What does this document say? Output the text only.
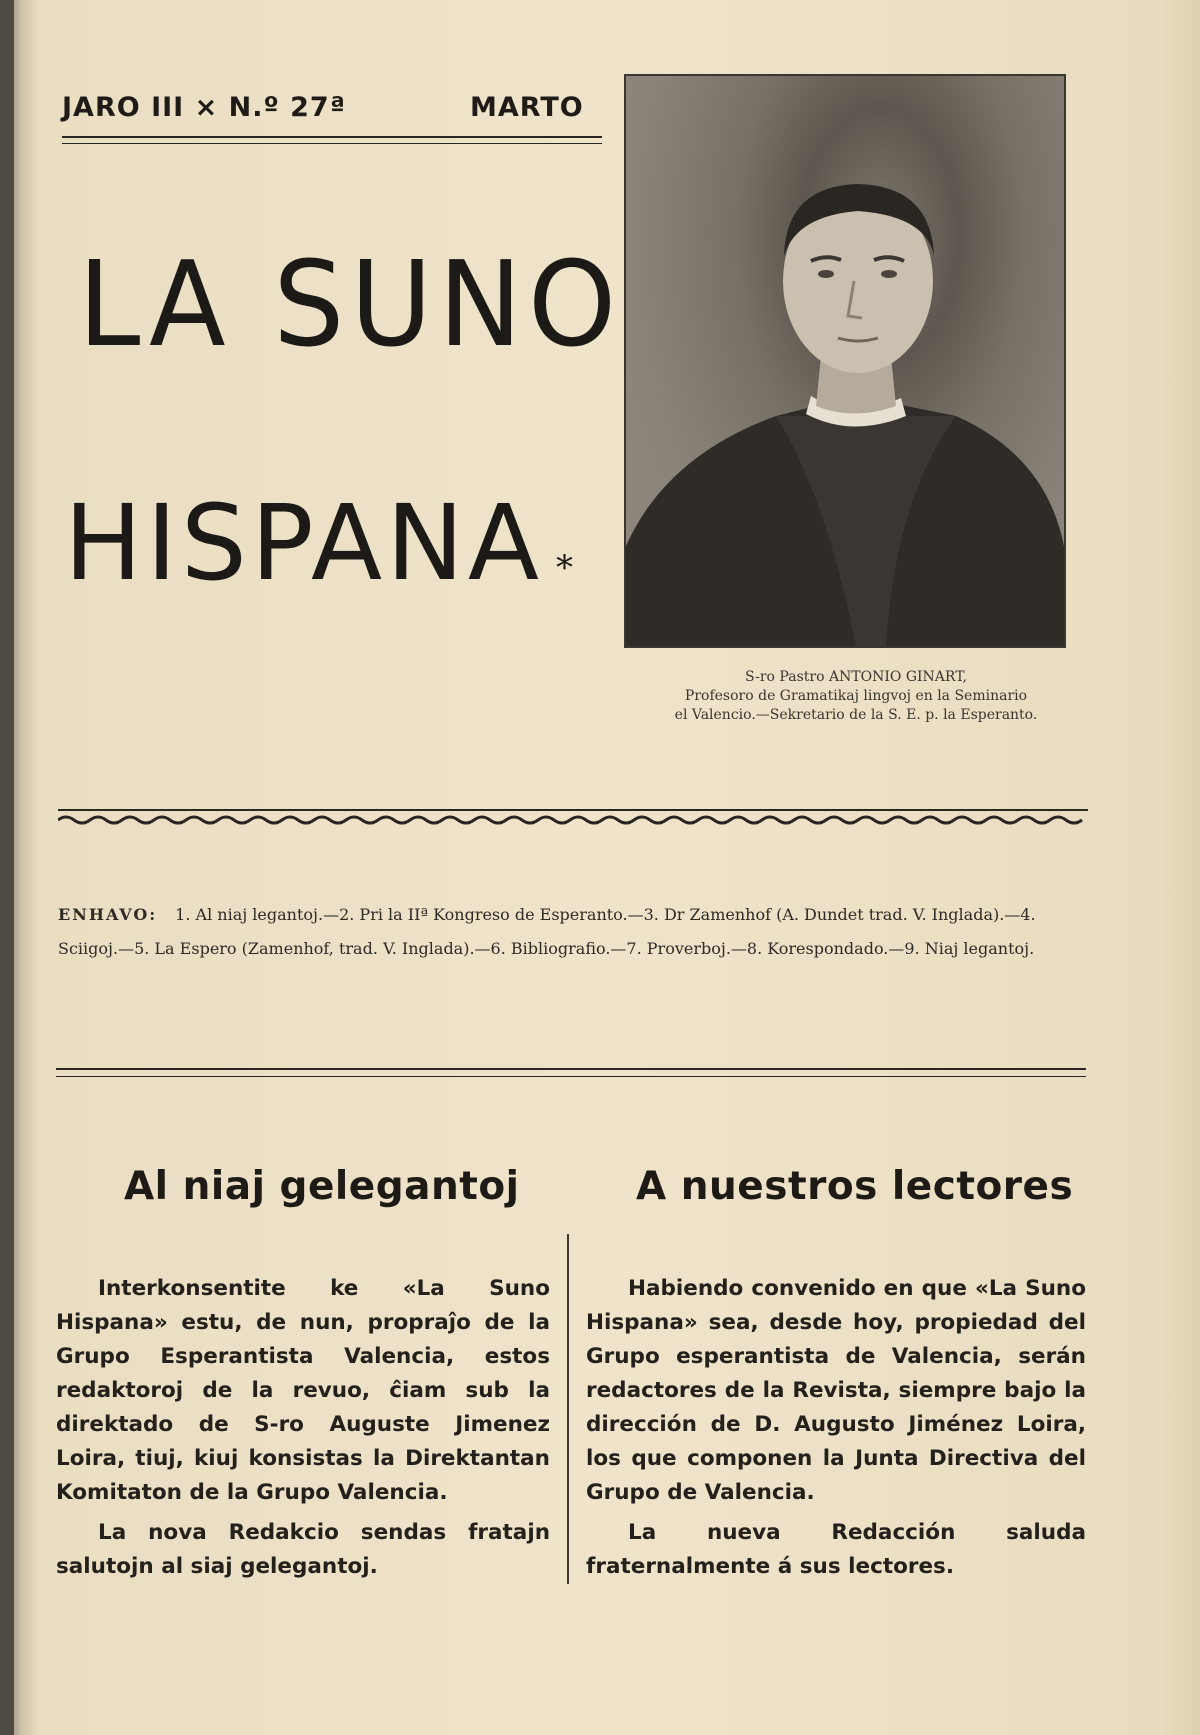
JARO III × N.º 27ª	MARTO
LA SUNO
HISPANA *
S-ro Pastro ANTONIO GINART,
Profesoro de Gramatikaj lingvoj en la Seminario
el Valencio.—Sekretario de la S. E. p. la Esperanto.
ENHAVO: 1. Al niaj legantoj.—2. Pri la IIª Kongreso de Esperanto.—3. Dr Zamenhof (A. Dundet trad. V. Inglada).—4. Sciigoj.—5. La Espero (Zamenhof, trad. V. Inglada).—6. Bibliografio.—7. Proverboj.—8. Korespondado.—9. Niaj legantoj.
Al niaj gelegantoj	A nuestros lectores

Interkonsentite ke «La Suno Hispana» estu, de nun, propraĵo de la Grupo Esperantista Valencia, estos redaktoroj de la revuo, ĉiam sub la direktado de S-ro Auguste Jimenez Loira, tiuj, kiuj konsistas la Direktantan Komitaton de la Grupo Valencia.

La nova Redakcio sendas fratajn salutojn al siaj gelegantoj.

Habiendo convenido en que «La Suno Hispana» sea, desde hoy, propiedad del Grupo esperantista de Valencia, serán redactores de la Revista, siempre bajo la dirección de D. Augusto Jiménez Loira, los que componen la Junta Directiva del Grupo de Valencia.

La nueva Redacción saluda fraternalmente á sus lectores.
